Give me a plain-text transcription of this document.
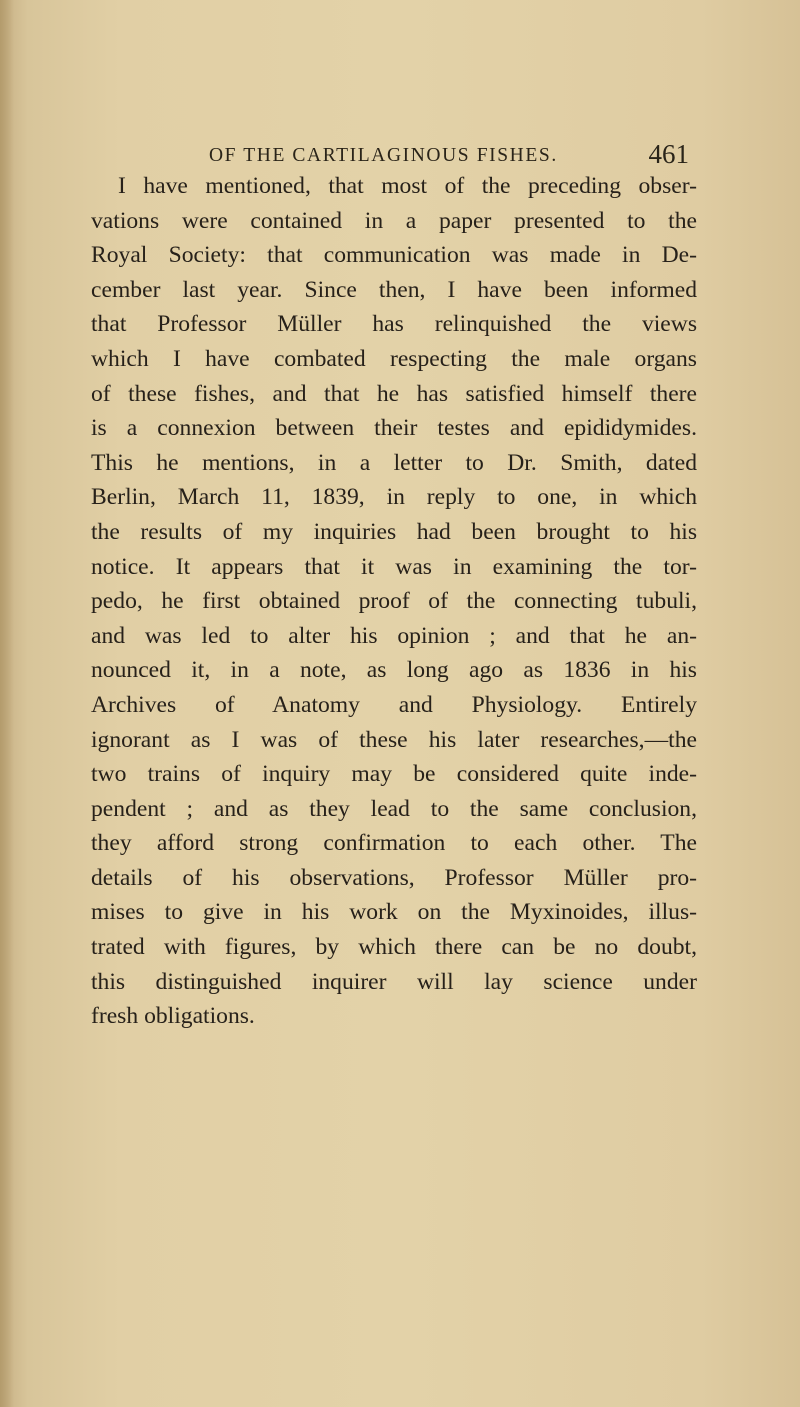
OF THE CARTILAGINOUS FISHES.	461
I have mentioned, that most of the preceding obser-
vations were contained in a paper presented to the
Royal Society: that communication was made in De-
cember last year. Since then, I have been informed
that Professor Müller has relinquished the views
which I have combated respecting the male organs
of these fishes, and that he has satisfied himself there
is a connexion between their testes and epididymides.
This he mentions, in a letter to Dr. Smith, dated
Berlin, March 11, 1839, in reply to one, in which
the results of my inquiries had been brought to his
notice. It appears that it was in examining the tor-
pedo, he first obtained proof of the connecting tubuli,
and was led to alter his opinion ; and that he an-
nounced it, in a note, as long ago as 1836 in his
Archives of Anatomy and Physiology. Entirely
ignorant as I was of these his later researches,—the
two trains of inquiry may be considered quite inde-
pendent ; and as they lead to the same conclusion,
they afford strong confirmation to each other. The
details of his observations, Professor Müller pro-
mises to give in his work on the Myxinoides, illus-
trated with figures, by which there can be no doubt,
this distinguished inquirer will lay science under
fresh obligations.
